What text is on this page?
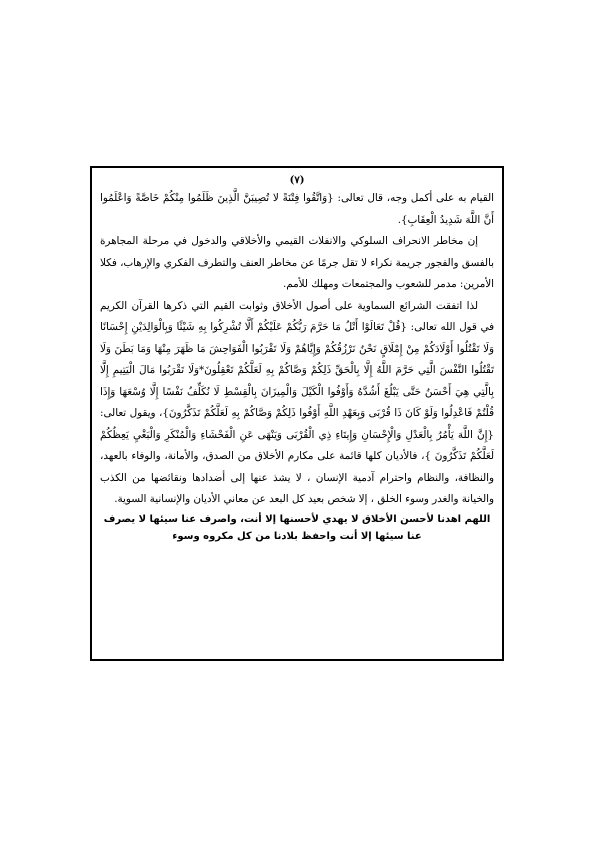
(٧)

القيام به على أكمل وجه، قال تعالى: {وَاتَّقُوا فِتْنَةً لا تُصِيبَنَّ الَّذِينَ ظَلَمُوا مِنْكُمْ خَاصَّةً وَاعْلَمُوا أَنَّ اللَّهَ شَدِيدُ الْعِقَابِ}.

إن مخاطر الانحراف السلوكي والانفلات القيمي والأخلاقي والدخول في مرحلة المجاهرة بالفسق والفجور جريمة نكراء لا تقل جرمًا عن مخاطر العنف والتطرف الفكري والإرهاب، فكلا الأمرين: مدمر للشعوب والمجتمعات ومهلك للأمم.

لذا اتفقت الشرائع السماوية على أصول الأخلاق وثوابت القيم التي ذكرها القرآن الكريم في قول الله تعالى: {قُلْ تَعَالَوْا أَتْلُ مَا حَرَّمَ رَبُّكُمْ عَلَيْكُمْ أَلَّا تُشْرِكُوا بِهِ شَيْئًا وَبِالْوَالِدَيْنِ إِحْسَانًا وَلَا تَقْتُلُوا أَوْلَادَكُمْ مِنْ إِمْلَاقٍ نَحْنُ نَرْزُقُكُمْ وَإِيَّاهُمْ وَلَا تَقْرَبُوا الْفَوَاحِشَ مَا ظَهَرَ مِنْهَا وَمَا بَطَنَ وَلَا تَقْتُلُوا النَّفْسَ الَّتِي حَرَّمَ اللَّهُ إِلَّا بِالْحَقِّ ذَلِكُمْ وَصَّاكُمْ بِهِ لَعَلَّكُمْ تَعْقِلُونَ*وَلَا تَقْرَبُوا مَالَ الْيَتِيمِ إِلَّا بِالَّتِي هِيَ أَحْسَنُ حَتَّى يَبْلُغَ أَشُدَّهُ وَأَوْفُوا الْكَيْلَ وَالْمِيزَانَ بِالْقِسْطِ لَا نُكَلِّفُ نَفْسًا إِلَّا وُسْعَهَا وَإِذَا قُلْتُمْ فَاعْدِلُوا وَلَوْ كَانَ ذَا قُرْبَى وَبِعَهْدِ اللَّهِ أَوْفُوا ذَلِكُمْ وَصَّاكُمْ بِهِ لَعَلَّكُمْ تَذَكَّرُونَ}، ويقول تعالى: {إِنَّ اللَّهَ يَأْمُرُ بِالْعَدْلِ وَالْإِحْسَانِ وَإِيتَاءِ ذِي الْقُرْبَى وَيَنْهَى عَنِ الْفَحْشَاءِ وَالْمُنْكَرِ وَالْبَغْيِ يَعِظُكُمْ لَعَلَّكُمْ تَذَكَّرُونَ }، فالأديان كلها قائمة على مكارم الأخلاق من الصدق، والأمانة، والوفاء بالعهد، والنظافة، والنظام واحترام آدمية الإنسان ، لا يشذ عنها إلى أضدادها ونقائضها من الكذب والخيانة والغدر وسوء الخلق ، إلا شخص بعيد كل البعد عن معاني الأديان والإنسانية السوية.

اللهم اهدنا لأحسن الأخلاق لا يهدي لأحسنها إلا أنت، واصرف عنا سيئها لا يصرف عنا سيئها إلا أنت واحفظ بلادنا من كل مكروه وسوء
